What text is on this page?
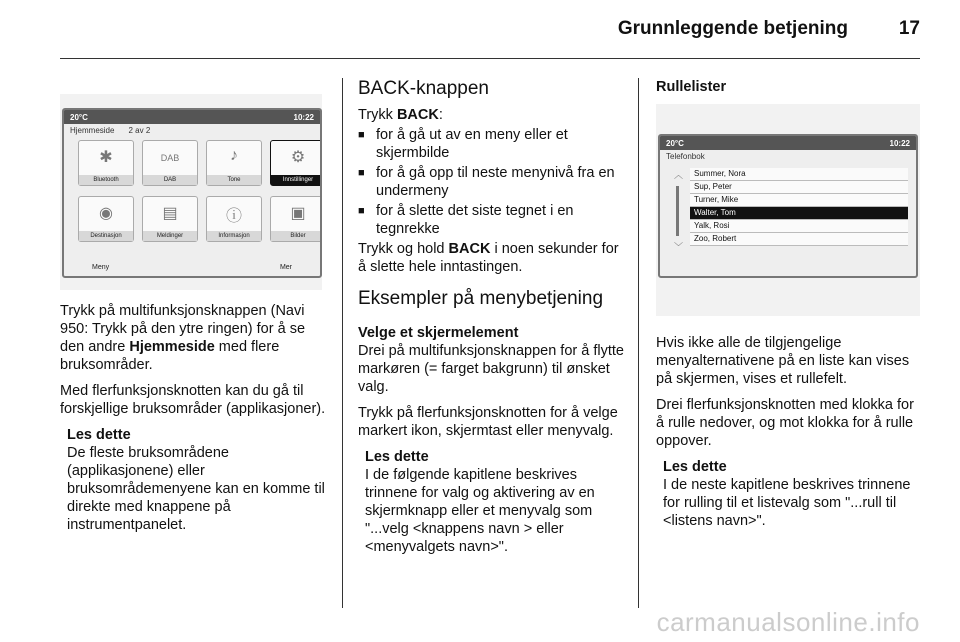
Grunnleggende betjening	17
20°C	10:22
Hjemmeside 2 av 2
✱
Bluetooth
DAB
DAB
♪
Tone
⚙
Innstillinger
◉
Destinasjon
▤
Meldinger
ⓘ
Informasjon
▣
Bilder
Meny	Mer

Trykk på multifunksjonsknappen (Navi 950: Trykk på den ytre ringen) for å se den andre Hjemmeside med flere bruksområder.

Med flerfunksjonsknotten kan du gå til forskjellige bruksområder (applikasjoner).

Les dette
De fleste bruksområdene (applikasjonene) eller bruksområdemenyene kan en komme til direkte med knappene på instrumentpanelet.
BACK-knappen
Trykk BACK:
■ for å gå ut av en meny eller et skjermbilde
■ for å gå opp til neste menynivå fra en undermeny
■ for å slette det siste tegnet i en tegnrekke

Trykk og hold BACK i noen sekunder for å slette hele inntastingen.

Eksempler på menybetjening
Velge et skjermelement

Drei på multifunksjonsknappen for å flytte markøren (= farget bakgrunn) til ønsket valg.

Trykk på flerfunksjonsknotten for å velge markert ikon, skjermtast eller menyvalg.

Les dette
I de følgende kapitlene beskrives trinnene for valg og aktivering av en skjermknapp eller et menyvalg som "...velg <knappens navn > eller <menyvalgets navn>".
Rullelister
20°C	10:22
Telefonbok
︿
﹀
Summer, Nora
Sup, Peter
Turner, Mike
Walter, Tom
Yalk, Rosi
Zoo, Robert

Hvis ikke alle de tilgjengelige menyalternativene på en liste kan vises på skjermen, vises et rullefelt.

Drei flerfunksjonsknotten med klokka for å rulle nedover, og mot klokka for å rulle oppover.

Les dette
I de neste kapitlene beskrives trinnene for rulling til et listevalg som "...rull til <listens navn>".
carmanualsonline.info
